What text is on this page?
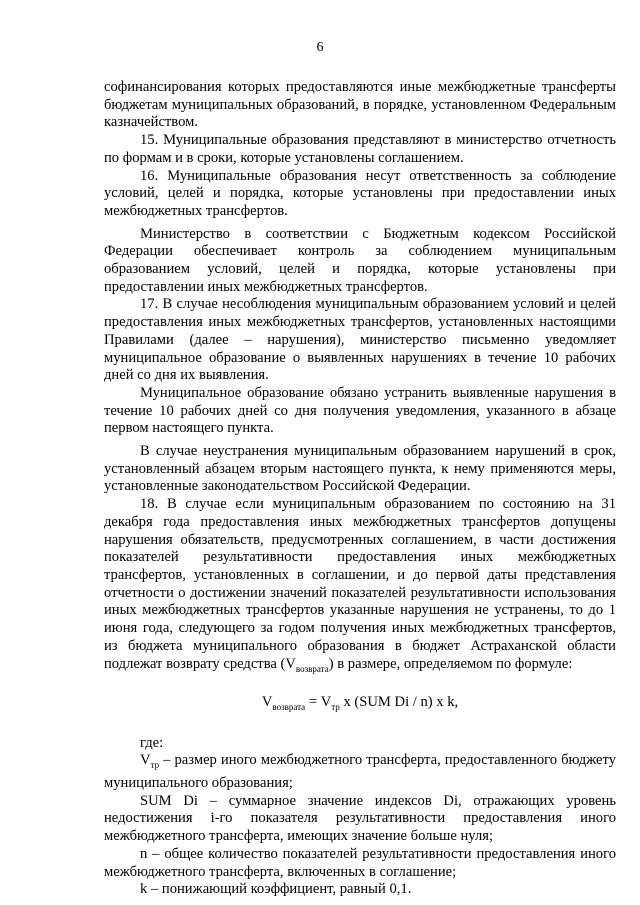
6

софинансирования которых предоставляются иные межбюджетные трансферты бюджетам муниципальных образований, в порядке, установленном Федеральным казначейством.

15. Муниципальные образования представляют в министерство отчетность по формам и в сроки, которые установлены соглашением.

16. Муниципальные образования несут ответственность за соблюдение условий, целей и порядка, которые установлены при предоставлении иных межбюджетных трансфертов.

Министерство в соответствии с Бюджетным кодексом Российской Федерации обеспечивает контроль за соблюдением муниципальным образованием условий, целей и порядка, которые установлены при предоставлении иных межбюджетных трансфертов.

17. В случае несоблюдения муниципальным образованием условий и целей предоставления иных межбюджетных трансфертов, установленных настоящими Правилами (далее – нарушения), министерство письменно уведомляет муниципальное образование о выявленных нарушениях в течение 10 рабочих дней со дня их выявления.

Муниципальное образование обязано устранить выявленные нарушения в течение 10 рабочих дней со дня получения уведомления, указанного в абзаце первом настоящего пункта.

В случае неустранения муниципальным образованием нарушений в срок, установленный абзацем вторым настоящего пункта, к нему применяются меры, установленные законодательством Российской Федерации.

18. В случае если муниципальным образованием по состоянию на 31 декабря года предоставления иных межбюджетных трансфертов допущены нарушения обязательств, предусмотренных соглашением, в части достижения показателей результативности предоставления иных межбюджетных трансфертов, установленных в соглашении, и до первой даты представления отчетности о достижении значений показателей результативности использования иных межбюджетных трансфертов указанные нарушения не устранены, то до 1 июня года, следующего за годом получения иных межбюджетных трансфертов, из бюджета муниципального образования в бюджет Астраханской области подлежат возврату средства $(V_{возврата})$ в размере, определяемом по формуле:

$V_{возврата} = V_{тр}$ x (SUM Di / n) x k,

где:

$V_{тр}$ – размер иного межбюджетного трансферта, предоставленного бюджету муниципального образования;

SUM Di – суммарное значение индексов Di, отражающих уровень недостижения i-го показателя результативности предоставления иного межбюджетного трансферта, имеющих значение больше нуля;

n – общее количество показателей результативности предоставления иного межбюджетного трансферта, включенных в соглашение;

k – понижающий коэффициент, равный 0,1.
